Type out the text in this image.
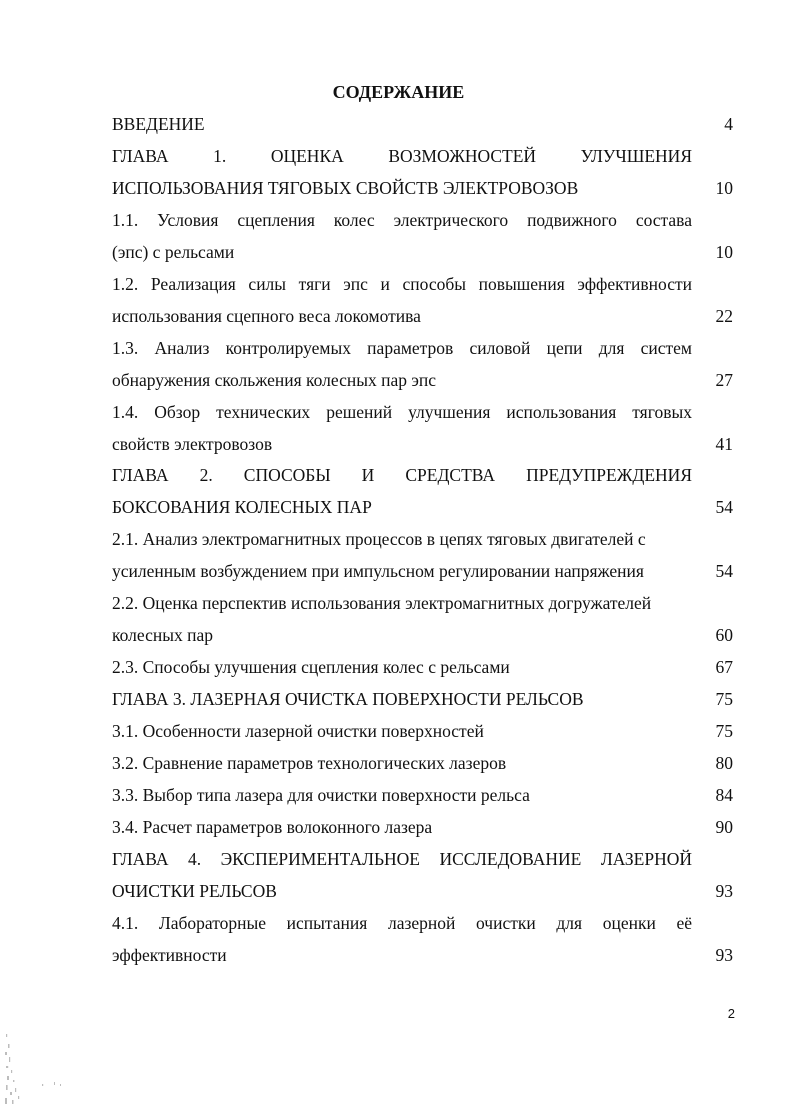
СОДЕРЖАНИЕ
ВВЕДЕНИЕ	4
ГЛАВА 1. ОЦЕНКА ВОЗМОЖНОСТЕЙ УЛУЧШЕНИЯ
ИСПОЛЬЗОВАНИЯ ТЯГОВЫХ СВОЙСТВ ЭЛЕКТРОВОЗОВ	10
1.1. Условия сцепления колес электрического подвижного состава
(эпс) с рельсами	10
1.2. Реализация силы тяги эпс и способы повышения эффективности
использования сцепного веса локомотива	22
1.3. Анализ контролируемых параметров силовой цепи для систем
обнаружения скольжения колесных пар эпс	27
1.4. Обзор технических решений улучшения использования тяговых
свойств электровозов	41
ГЛАВА 2. СПОСОБЫ И СРЕДСТВА ПРЕДУПРЕЖДЕНИЯ
БОКСОВАНИЯ КОЛЕСНЫХ ПАР	54
2.1. Анализ электромагнитных процессов в цепях тяговых двигателей с
усиленным возбуждением при импульсном регулировании напряжения	54
2.2. Оценка перспектив использования электромагнитных догружателей
колесных пар	60
2.3. Способы улучшения сцепления колес с рельсами	67
ГЛАВА 3. ЛАЗЕРНАЯ ОЧИСТКА ПОВЕРХНОСТИ РЕЛЬСОВ	75
3.1. Особенности лазерной очистки поверхностей	75
3.2. Сравнение параметров технологических лазеров	80
3.3. Выбор типа лазера для очистки поверхности рельса	84
3.4. Расчет параметров волоконного лазера	90
ГЛАВА 4. ЭКСПЕРИМЕНТАЛЬНОЕ ИССЛЕДОВАНИЕ ЛАЗЕРНОЙ
ОЧИСТКИ РЕЛЬСОВ	93
4.1. Лабораторные испытания лазерной очистки для оценки её
эффективности	93
2
